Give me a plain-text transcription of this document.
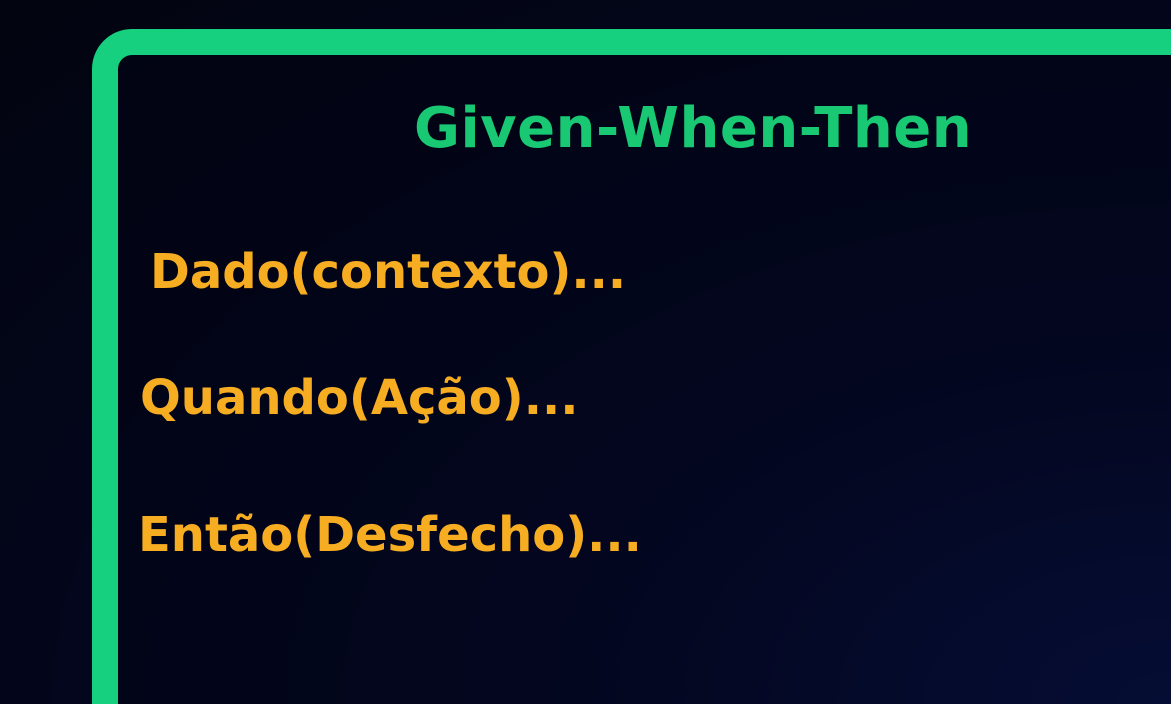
Given-When-Then

Dado(contexto)...

Quando(Ação)...

Então(Desfecho)...
